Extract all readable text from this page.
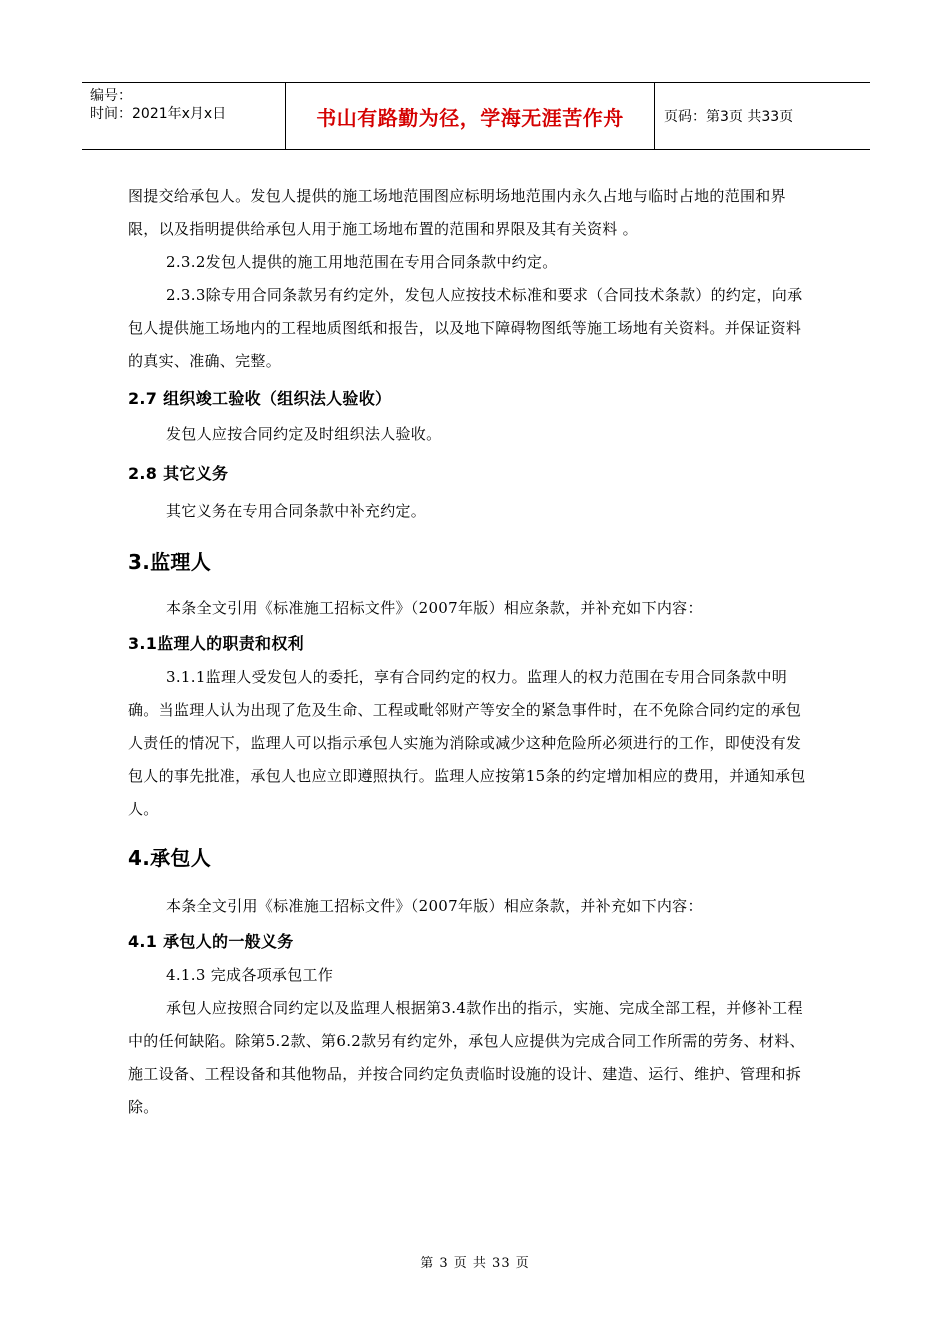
编号：
时间：2021年x月x日	书山有路勤为径，学海无涯苦作舟	页码：第3页 共33页

图提交给承包人。发包人提供的施工场地范围图应标明场地范围内永久占地与临时占地的范围和界限，以及指明提供给承包人用于施工场地布置的范围和界限及其有关资料 。

2.3.2发包人提供的施工用地范围在专用合同条款中约定。

2.3.3除专用合同条款另有约定外，发包人应按技术标准和要求（合同技术条款）的约定，向承包人提供施工场地内的工程地质图纸和报告，以及地下障碍物图纸等施工场地有关资料。并保证资料的真实、准确、完整。

2.7 组织竣工验收（组织法人验收）

发包人应按合同约定及时组织法人验收。

2.8 其它义务

其它义务在专用合同条款中补充约定。

3.监理人

本条全文引用《标准施工招标文件》（2007年版）相应条款，并补充如下内容：

3.1监理人的职责和权利

3.1.1监理人受发包人的委托，享有合同约定的权力。监理人的权力范围在专用合同条款中明确。当监理人认为出现了危及生命、工程或毗邻财产等安全的紧急事件时，在不免除合同约定的承包人责任的情况下，监理人可以指示承包人实施为消除或减少这种危险所必须进行的工作，即使没有发包人的事先批准，承包人也应立即遵照执行。监理人应按第15条的约定增加相应的费用，并通知承包人。

4.承包人

本条全文引用《标准施工招标文件》（2007年版）相应条款，并补充如下内容：

4.1 承包人的一般义务

4.1.3 完成各项承包工作

承包人应按照合同约定以及监理人根据第3.4款作出的指示，实施、完成全部工程，并修补工程中的任何缺陷。除第5.2款、第6.2款另有约定外，承包人应提供为完成合同工作所需的劳务、材料、施工设备、工程设备和其他物品，并按合同约定负责临时设施的设计、建造、运行、维护、管理和拆除。

第 3 页 共 33 页
